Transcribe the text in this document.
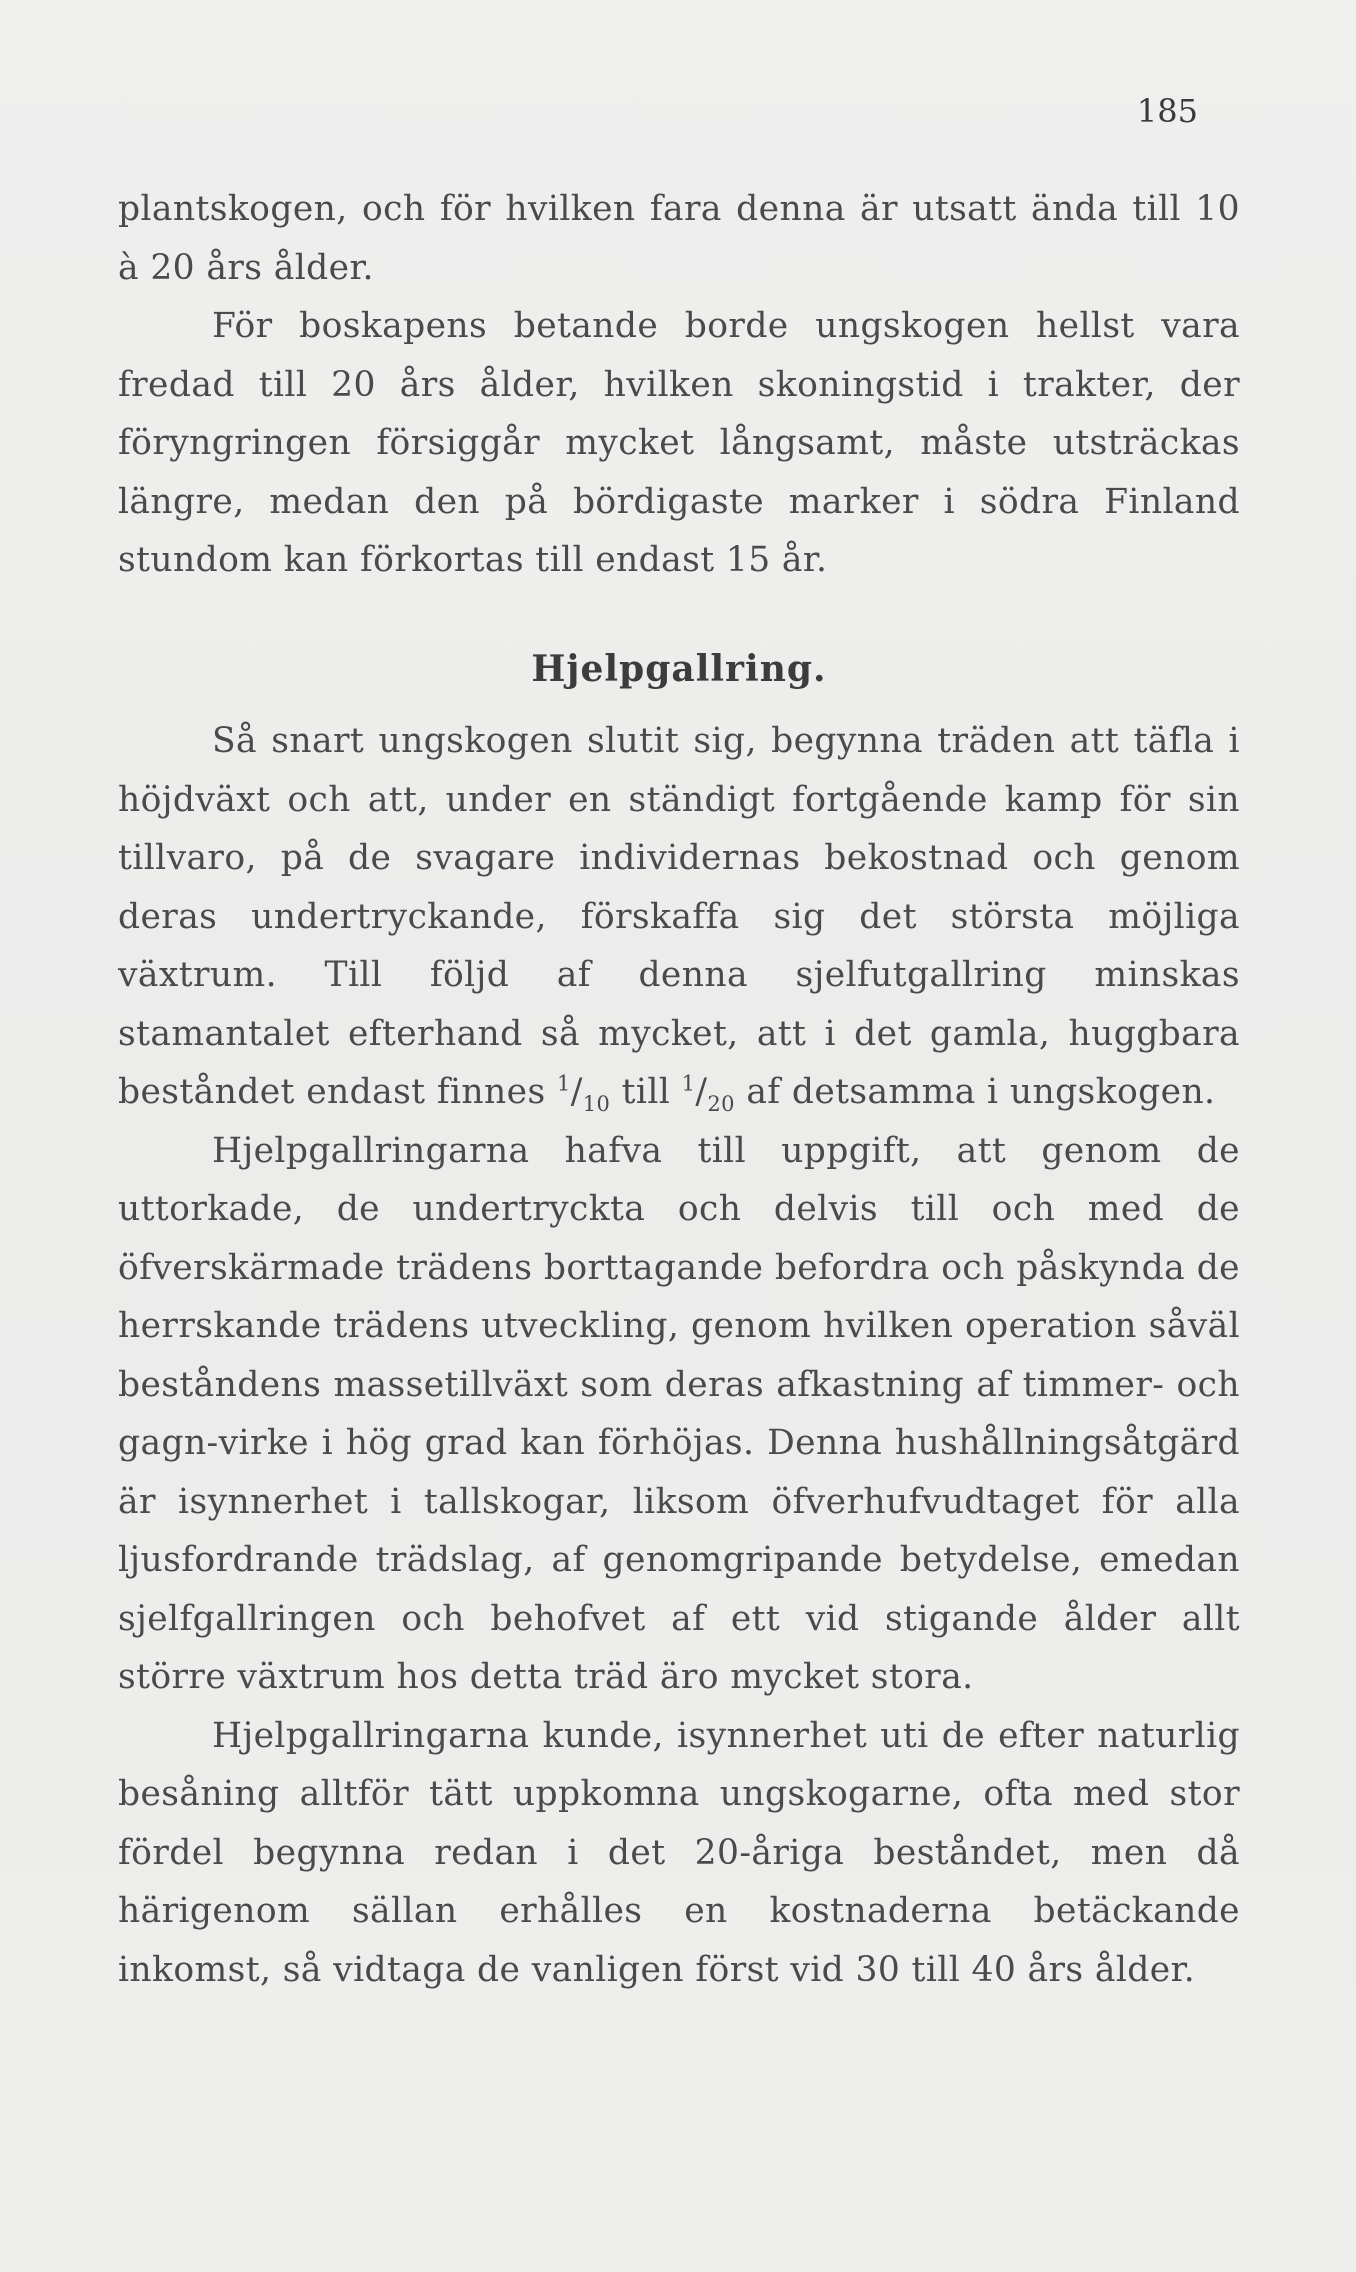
185

plantskogen, och för hvilken fara denna är utsatt ända till 10 à 20 års ålder.

För boskapens betande borde ungskogen hellst vara fredad till 20 års ålder, hvilken skoningstid i trakter, der föryngringen försiggår mycket långsamt, måste utsträckas längre, medan den på bördigaste marker i södra Finland stundom kan förkortas till endast 15 år.

Hjelpgallring.

Så snart ungskogen slutit sig, begynna träden att täfla i höjdväxt och att, under en ständigt fortgående kamp för sin tillvaro, på de svagare individernas bekostnad och genom deras undertryckande, förskaffa sig det största möjliga växtrum. Till följd af denna sjelfutgallring minskas stamantalet efterhand så mycket, att i det gamla, huggbara beståndet endast finnes $^1/_{10}$ till $^1/_{20}$ af detsamma i ungskogen.

Hjelpgallringarna hafva till uppgift, att genom de uttorkade, de undertryckta och delvis till och med de öfverskärmade trädens borttagande befordra och påskynda de herrskande trädens utveckling, genom hvilken operation såväl beståndens massetillväxt som deras afkastning af timmer- och gagn-virke i hög grad kan förhöjas. Denna hushållningsåtgärd är isynnerhet i tallskogar, liksom öfverhufvudtaget för alla ljusfordrande trädslag, af genomgripande betydelse, emedan sjelfgallringen och behofvet af ett vid stigande ålder allt större växtrum hos detta träd äro mycket stora.

Hjelpgallringarna kunde, isynnerhet uti de efter naturlig besåning alltför tätt uppkomna ungskogarne, ofta med stor fördel begynna redan i det 20-åriga beståndet, men då härigenom sällan erhålles en kostnaderna betäckande inkomst, så vidtaga de vanligen först vid 30 till 40 års ålder.
